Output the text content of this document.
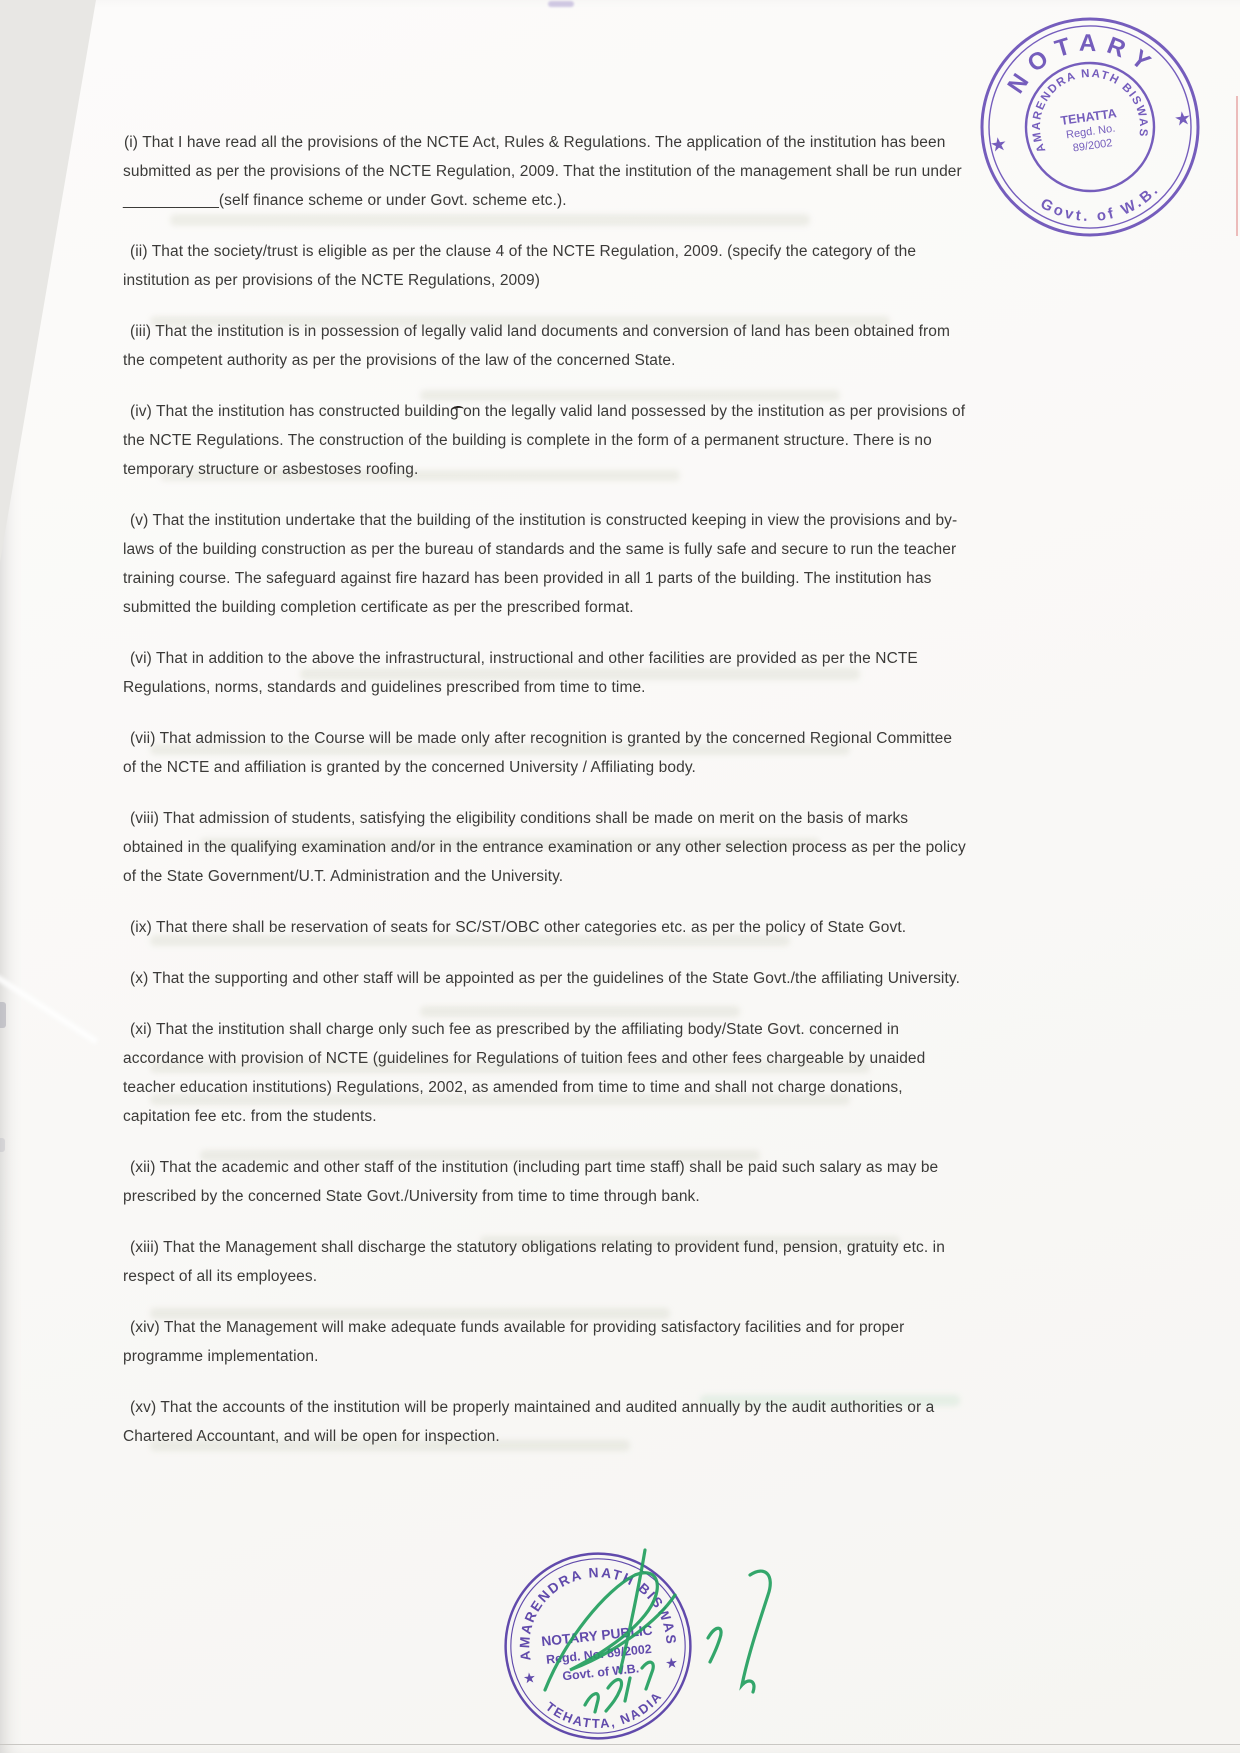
(i) That I have read all the provisions of the NCTE Act, Rules & Regulations. The application of the institution has been submitted as per the provisions of the NCTE Regulation, 2009. That the institution of the management shall be run under ___________(self finance scheme or under Govt. scheme etc.).

(ii) That the society/trust is eligible as per the clause 4 of the NCTE Regulation, 2009. (specify the category of the institution as per provisions of the NCTE Regulations, 2009)

(iii) That the institution is in possession of legally valid land documents and conversion of land has been obtained from the competent authority as per the provisions of the law of the concerned State.

(iv) That the institution has constructed building on the legally valid land possessed by the institution as per provisions of the NCTE Regulations. The construction of the building is complete in the form of a permanent structure. There is no temporary structure or asbestoses roofing.

(v) That the institution undertake that the building of the institution is constructed keeping in view the provisions and by-laws of the building construction as per the bureau of standards and the same is fully safe and secure to run the teacher training course. The safeguard against fire hazard has been provided in all 1 parts of the building. The institution has submitted the building completion certificate as per the prescribed format.

(vi) That in addition to the above the infrastructural, instructional and other facilities are provided as per the NCTE Regulations, norms, standards and guidelines prescribed from time to time.

(vii) That admission to the Course will be made only after recognition is granted by the concerned Regional Committee of the NCTE and affiliation is granted by the concerned University / Affiliating body.

(viii) That admission of students, satisfying the eligibility conditions shall be made on merit on the basis of marks obtained in the qualifying examination and/or in the entrance examination or any other selection process as per the policy of the State Government/U.T. Administration and the University.

(ix) That there shall be reservation of seats for SC/ST/OBC other categories etc. as per the policy of State Govt.

(x) That the supporting and other staff will be appointed as per the guidelines of the State Govt./the affiliating University.

(xi) That the institution shall charge only such fee as prescribed by the affiliating body/State Govt. concerned in accordance with provision of NCTE (guidelines for Regulations of tuition fees and other fees chargeable by unaided teacher education institutions) Regulations, 2002, as amended from time to time and shall not charge donations, capitation fee etc. from the students.

(xii) That the academic and other staff of the institution (including part time staff) shall be paid such salary as may be prescribed by the concerned State Govt./University from time to time through bank.

(xiii) That the Management shall discharge the statutory obligations relating to provident fund, pension, gratuity etc. in respect of all its employees.

(xiv) That the Management will make adequate funds available for providing satisfactory facilities and for proper programme implementation.

(xv) That the accounts of the institution will be properly maintained and audited annually by the audit authorities or a Chartered Accountant, and will be open for inspection.

NOTARY
Govt. of W.B.
AMARENDRA NATH BISWAS
★
★
TEHATTA
Regd. No.
89/2002
AMARENDRA NATH BISWAS
TEHATTA, NADIA
★
★
NOTARY PUBLIC
Regd. No. 89/2002
Govt. of W.B.
